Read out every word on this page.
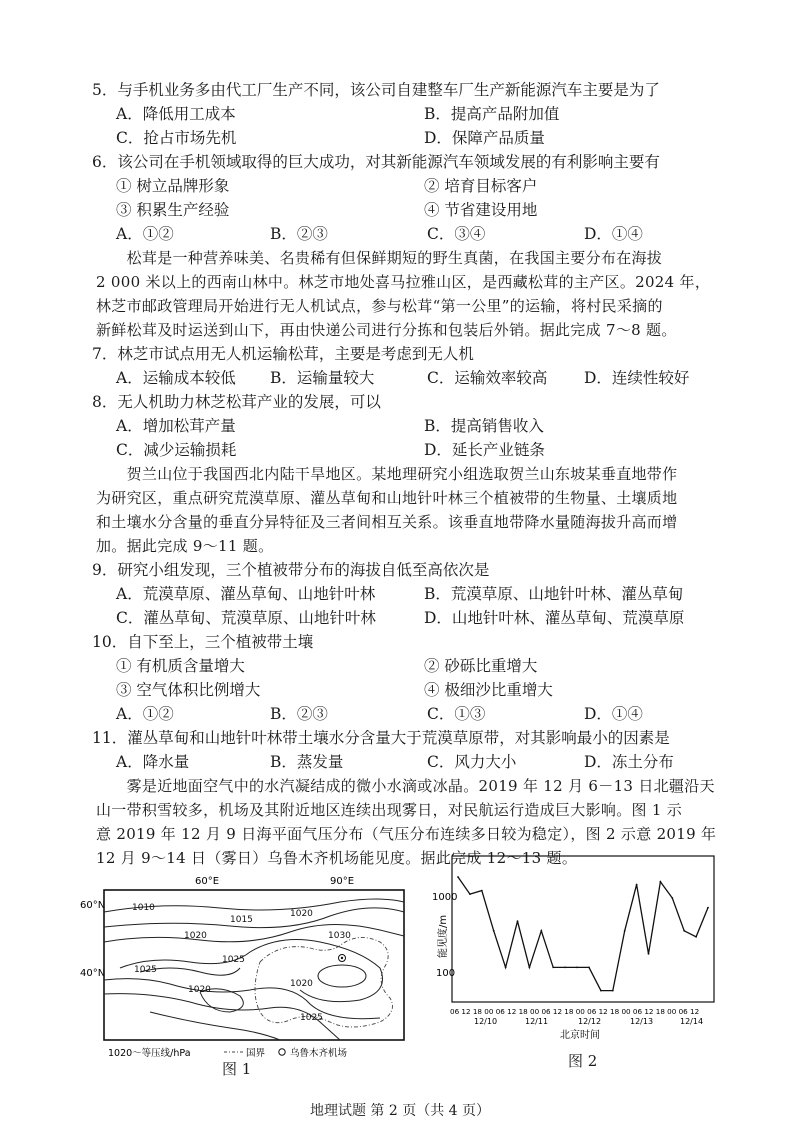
5．与手机业务多由代工厂生产不同，该公司自建整车厂生产新能源汽车主要是为了
A．降低用工成本	B．提高产品附加值
C．抢占市场先机	D．保障产品质量
6．该公司在手机领域取得的巨大成功，对其新能源汽车领域发展的有利影响主要有
① 树立品牌形象	② 培育目标客户
③ 积累生产经验	④ 节省建设用地
A．①②	B．②③	C．③④	D．①④
　　松茸是一种营养味美、名贵稀有但保鲜期短的野生真菌，在我国主要分布在海拔
2 000 米以上的西南山林中。林芝市地处喜马拉雅山区，是西藏松茸的主产区。2024 年，
林芝市邮政管理局开始进行无人机试点，参与松茸“第一公里”的运输，将村民采摘的
新鲜松茸及时运送到山下，再由快递公司进行分拣和包装后外销。据此完成 7～8 题。
7．林芝市试点用无人机运输松茸，主要是考虑到无人机
A．运输成本较低 B．运输量较大	C．运输效率较高 D．连续性较好
8．无人机助力林芝松茸产业的发展，可以
A．增加松茸产量	B．提高销售收入
C．减少运输损耗	D．延长产业链条
　　贺兰山位于我国西北内陆干旱地区。某地理研究小组选取贺兰山东坡某垂直地带作
为研究区，重点研究荒漠草原、灌丛草甸和山地针叶林三个植被带的生物量、土壤质地
和土壤水分含量的垂直分异特征及三者间相互关系。该垂直地带降水量随海拔升高而增
加。据此完成 9～11 题。
9．研究小组发现，三个植被带分布的海拔自低至高依次是
A．荒漠草原、灌丛草甸、山地针叶林	B．荒漠草原、山地针叶林、灌丛草甸
C．灌丛草甸、荒漠草原、山地针叶林	D．山地针叶林、灌丛草甸、荒漠草原
10．自下至上，三个植被带土壤
① 有机质含量增大	② 砂砾比重增大
③ 空气体积比例增大	④ 极细沙比重增大
A．①②	B．②③	C．①③	D．①④
11．灌丛草甸和山地针叶林带土壤水分含量大于荒漠草原带，对其影响最小的因素是
A．降水量	B．蒸发量	C．风力大小	D．冻土分布
　　雾是近地面空气中的水汽凝结成的微小水滴或冰晶。2019 年 12 月 6－13 日北疆沿天
山一带积雪较多，机场及其附近地区连续出现雾日，对民航运行造成巨大影响。图 1 示
意 2019 年 12 月 9 日海平面气压分布（气压分布连续多日较为稳定），图 2 示意 2019 年
12 月 9～14 日（雾日）乌鲁木齐机场能见度。据此完成 12～13 题。
60°E	90°E
60°N
40°N
1010
1015
1020
1020
1025
1030
1025
1020
1020
1025
1020～等压线/hPa	国界	乌鲁木齐机场
图 1
1000
100
能见度/m
06 12 18 00 06 12 18 00 06 12 18 00 06 12 18 00 06 12 18 00 06 12
12/10	12/11	12/12	12/13	12/14
北京时间
图 2
地理试题 第 2 页（共 4 页）
